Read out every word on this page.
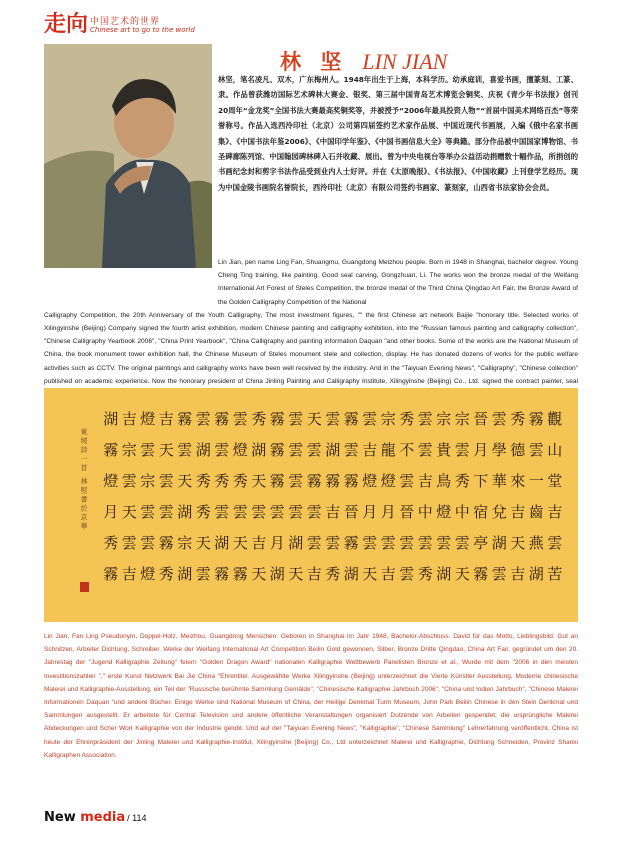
走向 中国艺术的世界
Chinese art to go to the world
林 坚 LIN JIAN
林坚，笔名凌凡、双木，广东梅州人。1948年出生于上海，本科学历。幼承庭训，喜爱书画，擅篆刻、工篆、隶。作品曾获潍坊国际艺术碑林大赛金、银奖、第三届中国青岛艺术博览会铜奖、庆祝《青少年书法报》创刊20周年“金龙奖”全国书法大赛最高奖铜奖等，并被授予“2006年最具投资人物”“首届中国美术网络百杰”等荣誉称号。作品入选西泠印社（北京）公司第四届签约艺术家作品展、中国近现代书画展，入编《俄中名家书画集》、《中国书法年鉴2006》、《中国印学年鉴》、《中国书画信息大全》等典籍。部分作品被中国国家博物馆、书圣碑廊陈列馆、中国翰园碑林碑入石并收藏、展出。曾为中央电视台等举办公益活动捐赠数十幅作品，所捐创的书画纪念封和剪字书法作品受到业内人士好评。并在《太原晚报》、《书法报》、《中国收藏》上刊登学艺经历。现为中国金陵书画院名誉院长，西泠印社（北京）有限公司签约书画家、篆刻家，山西省书法家协会会员。
Lin Jian, pen name Ling Fan, Shuangmu, Guangdong Meizhou people. Born in 1948 in Shanghai, bachelor degree. Young Cheng Ting training, like painting. Good seal carving, Gongzhuan, Li. The works won the bronze medal of the Weifang International Art Forest of Steles Competition, the bronze medal of the Third China Qingdao Art Fair, the Bronze Award of the Golden Calligraphy Competition of the National
Calligraphy Competition, the 20th Anniversary of the Youth Calligraphy, The most investment figures, "" the first Chinese art network Baijie "honorary title. Selected works of Xilingyinshe (Beijing) Company signed the fourth artist exhibition, modern Chinese painting and calligraphy exhibition, into the "Russian famous painting and calligraphy collection", "Chinese Calligraphy Yearbook 2006", "China Print Yearbook", "China Calligraphy and painting information Daquan "and other books. Some of the works are the National Museum of China, the book monument tower exhibition hall, the Chinese Museum of Steles monument stele and collection, display. He has donated dozens of works for the public welfare activities such as CCTV. The original paintings and calligraphy works have been well received by the industry. And in the "Taiyuan Evening News", "Calligraphy", "Chinese collection" published on academic experience. Now the honorary president of China Jinling Painting and Calligraphy Institute, Xilingyinshe (Beijing) Co., Ltd. signed the contract painter, seal
觀
山
堂
吉
雲
苦
霧
雲
一
齒
燕
湖
秀
德
來
吉
天
吉
雲
學
華
兌
湖
雲
晉
月
下
宿
亭
霧
宗
雲
秀
中
雲
天
宗
貴
鳥
燈
雲
湖
雲
雲
吉
中
雲
秀
秀
不
雲
晉
雲
雲
宗
龍
燈
月
雲
吉
雲
吉
燈
月
雲
天
霧
雲
霧
晉
霧
湖
雲
湖
霧
吉
雲
秀
天
雲
霧
雲
雲
吉
雲
雲
雲
雲
湖
天
霧
霧
霧
雲
月
湖
秀
湖
天
雲
吉
天
雲
燈
秀
雲
天
霧
霧
雲
秀
雲
湖
霧
雲
湖
秀
秀
天
雲
霧
雲
天
湖
宗
湖
吉
天
雲
雲
霧
秀
燈
雲
宗
雲
雲
燈
吉
宗
雲
天
雲
吉
湖
霧
燈
月
秀
霧
東坡詩一首 林堅書於京華
Lin Jian, Fan Ling Pseudonym, Doppel-Holz, Meizhou, Guangdong Menschen. Geboren in Shanghai im Jahr 1948, Bachelor-Abschluss. David für das Motto, Lieblingsbild. Gut an Schnitzen, Arbeiter Dichtung, Schreiber. Werke der Weifang International Art Competition Beilin Gold gewonnen, Silber, Bronze Dritte Qingdao, China Art Fair, gegründet um den 20. Jahrestag der "Jugend Kalligraphie Zeitung" feiern "Golden Dragon Award" nationalen Kalligraphie Wettbewerb Panelisten Bronze et al., Wurde mit dem "2006 in den meisten Investitionszahlen "," erste Kunst Netzwerk Bai Jie China "Ehrentitel. Ausgewählte Werke Xilingyinshe (Beijing) unterzeichnet die Vierte Künstler Ausstellung, Moderne chinesische Malerei und Kalligraphie-Ausstellung, ein Teil der "Russische berühmte Sammlung Gemälde", "Chinesische Kalligraphie Jahrbuch 2006", "China und Indien Jahrbuch", "Chinese Malerei Informationen Daquan "und andere Bücher. Einige Werke sind National Museum of China, der Heilige Denkmal Turm Museum, John Park Beilin Chinese in den Stein Denkmal und Sammlungen ausgestellt. Er arbeitete für Central Television und andere öffentliche Veranstaltungen organisiert Dutzende von Arbeiten gespendet, die ursprüngliche Malerei Abdeckungen und Scher Wort Kalligraphie von der Industrie gelobt. Und auf der "Taiyuan Evening News", "Kalligraphie", "Chinese Sammlung" Lehrerfahrung veröffentlicht. China ist heute der Ehrenpräsident der Jinling Malerei und Kalligraphie-Institut, Xilingyinshe (Beijing) Co., Ltd unterzeichnet Malerei und Kalligraphie, Dichtung Schneiden, Provinz Shanxi Kalligraphen Association.
New media / 114
